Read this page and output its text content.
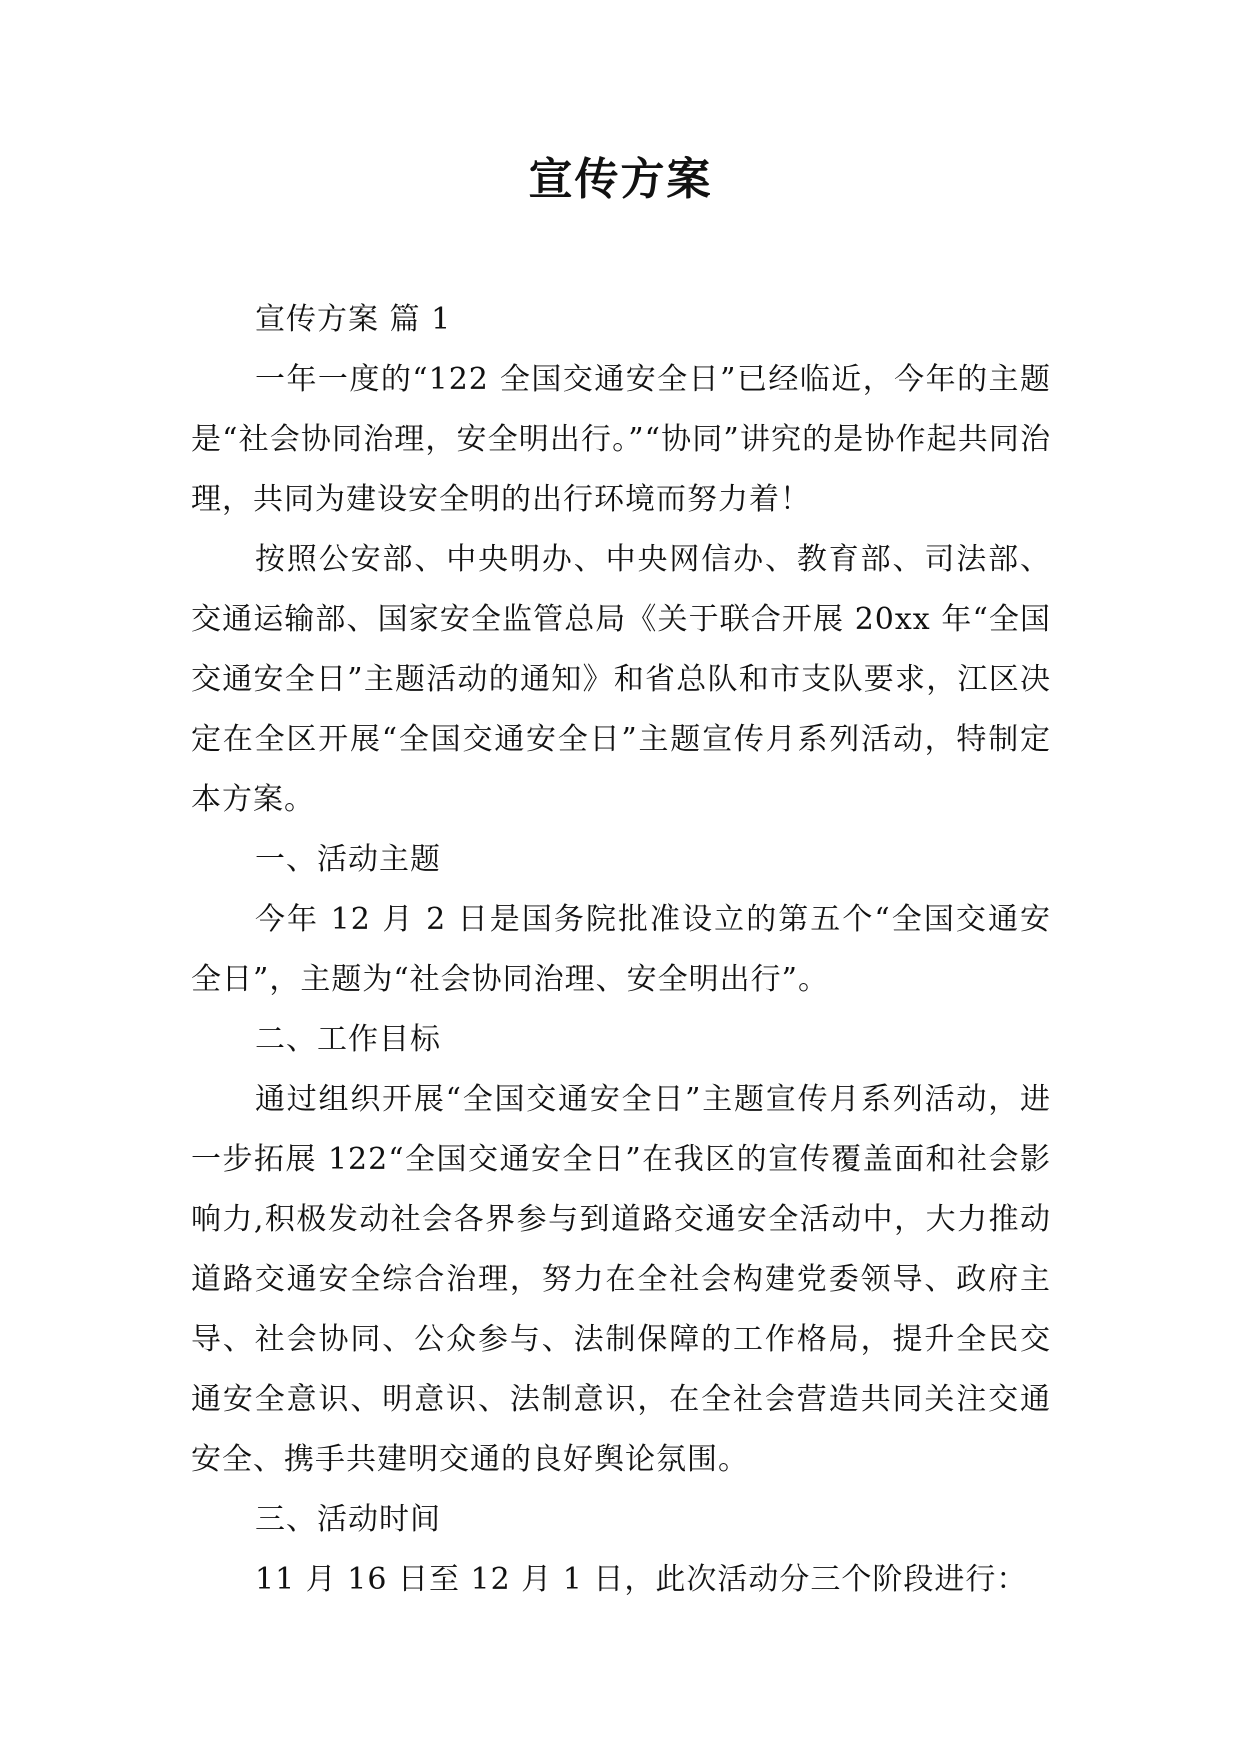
宣传方案

宣传方案 篇 1

一年一度的“122 全国交通安全日”已经临近，今年的主题是“社会协同治理，安全明出行。”“协同”讲究的是协作起共同治理，共同为建设安全明的出行环境而努力着！

按照公安部、中央明办、中央网信办、教育部、司法部、交通运输部、国家安全监管总局《关于联合开展 20xx 年“全国交通安全日”主题活动的通知》和省总队和市支队要求，江区决定在全区开展“全国交通安全日”主题宣传月系列活动，特制定本方案。

一、活动主题

今年 12 月 2 日是国务院批准设立的第五个“全国交通安全日”，主题为“社会协同治理、安全明出行”。

二、工作目标

通过组织开展“全国交通安全日”主题宣传月系列活动，进一步拓展 122“全国交通安全日”在我区的宣传覆盖面和社会影响力,积极发动社会各界参与到道路交通安全活动中，大力推动道路交通安全综合治理，努力在全社会构建党委领导、政府主导、社会协同、公众参与、法制保障的工作格局，提升全民交通安全意识、明意识、法制意识，在全社会营造共同关注交通安全、携手共建明交通的良好舆论氛围。

三、活动时间

11 月 16 日至 12 月 1 日，此次活动分三个阶段进行：
